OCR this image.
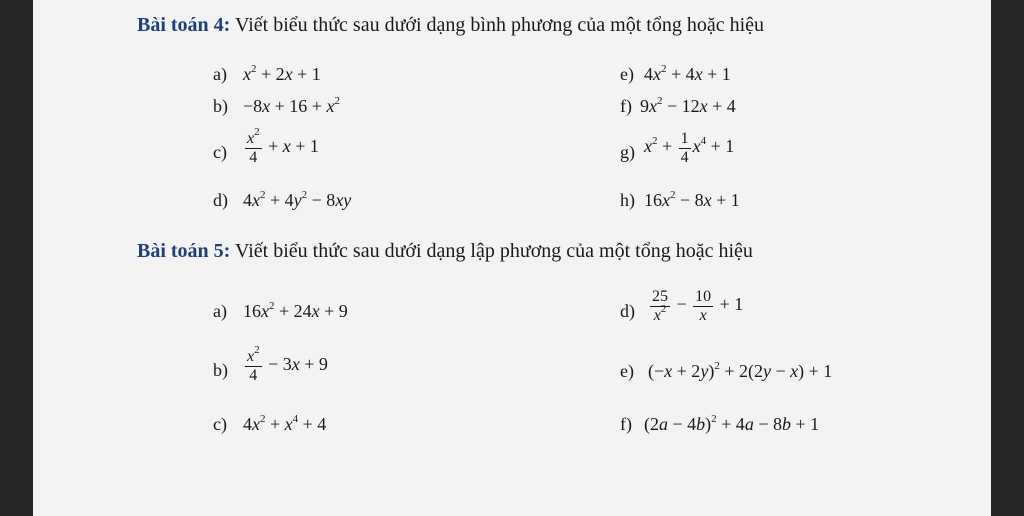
Bài toán 4: Viết biểu thức sau dưới dạng bình phương của một tổng hoặc hiệu
a) $x^2 + 2x + 1$
$b) -8x + 16 + x^2$
$c) \frac{x^2}{4} + x + 1$
d) $4x^2 + 4y^2 - 8xy$
e) $4x^2 + 4x + 1$
f) $9x^2 - 12x + 4$
g) $x^2 + \frac{1}{4} x^4 + 1$
h) $16x^2 - 8x + 1$
Bài toán 5: Viết biểu thức sau dưới dạng lập phương của một tổng hoặc hiệu
a) $16x^2 + 24x + 9$
$b) \frac{x^2}{4} - 3x + 9$
c) $4x^2 + x^4 + 4$
$d) \frac{25}{x^2} - \frac{10}{x} + 1$
e) $(-x + 2y)^2 + 2(2y - x) + 1$
f) $(2a - 4b)^2 + 4a - 8b + 1$
